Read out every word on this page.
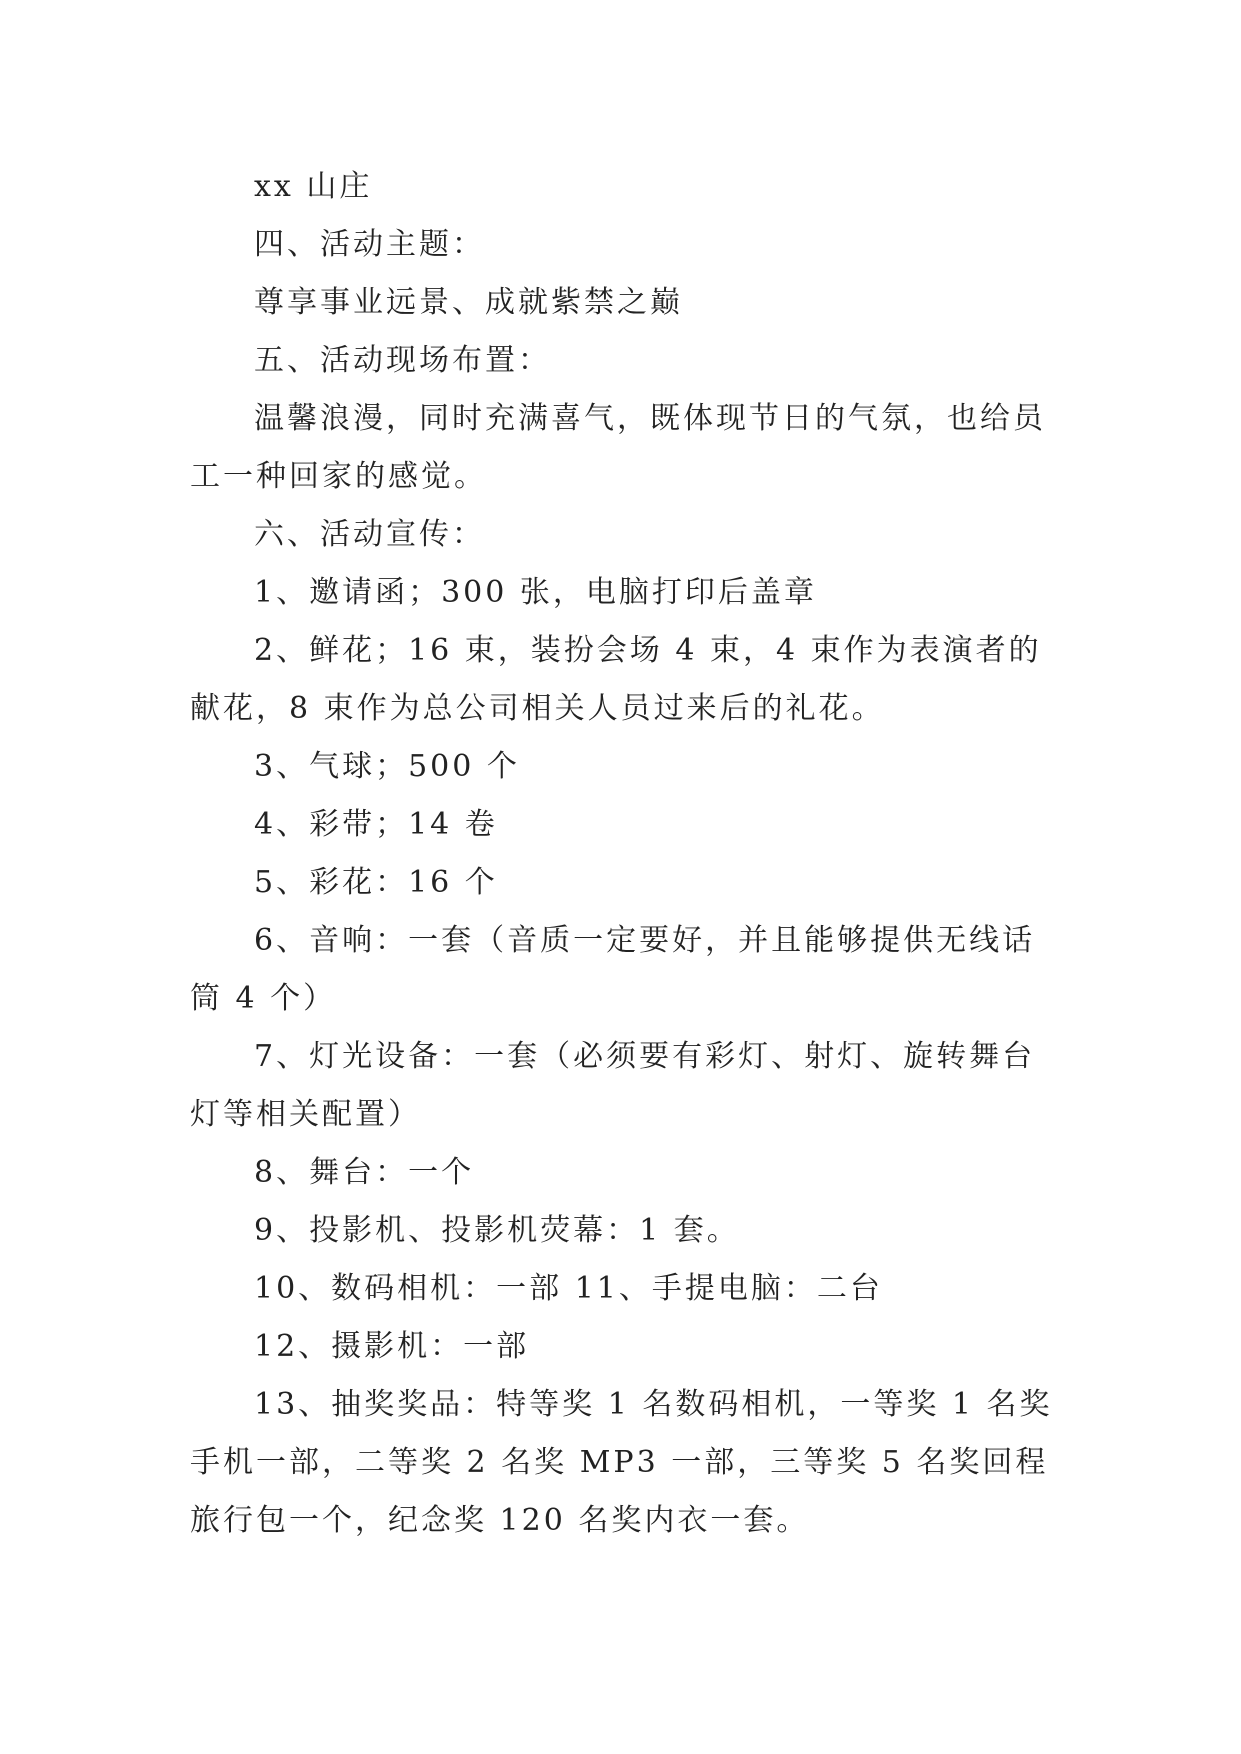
xx 山庄

四、活动主题：

尊享事业远景、成就紫禁之巅

五、活动现场布置：

温馨浪漫，同时充满喜气，既体现节日的气氛，也给员工一种回家的感觉。

六、活动宣传：

1、邀请函；300 张，电脑打印后盖章

2、鲜花；16 束，装扮会场 4 束，4 束作为表演者的献花，8 束作为总公司相关人员过来后的礼花。

3、气球；500 个

4、彩带；14 卷

5、彩花：16 个

6、音响：一套（音质一定要好，并且能够提供无线话筒 4 个）

7、灯光设备：一套（必须要有彩灯、射灯、旋转舞台灯等相关配置）

8、舞台：一个

9、投影机、投影机荧幕：1 套。

10、数码相机：一部 11、手提电脑：二台

12、摄影机：一部

13、抽奖奖品：特等奖 1 名数码相机，一等奖 1 名奖手机一部，二等奖 2 名奖 MP3 一部，三等奖 5 名奖回程旅行包一个，纪念奖 120 名奖内衣一套。
